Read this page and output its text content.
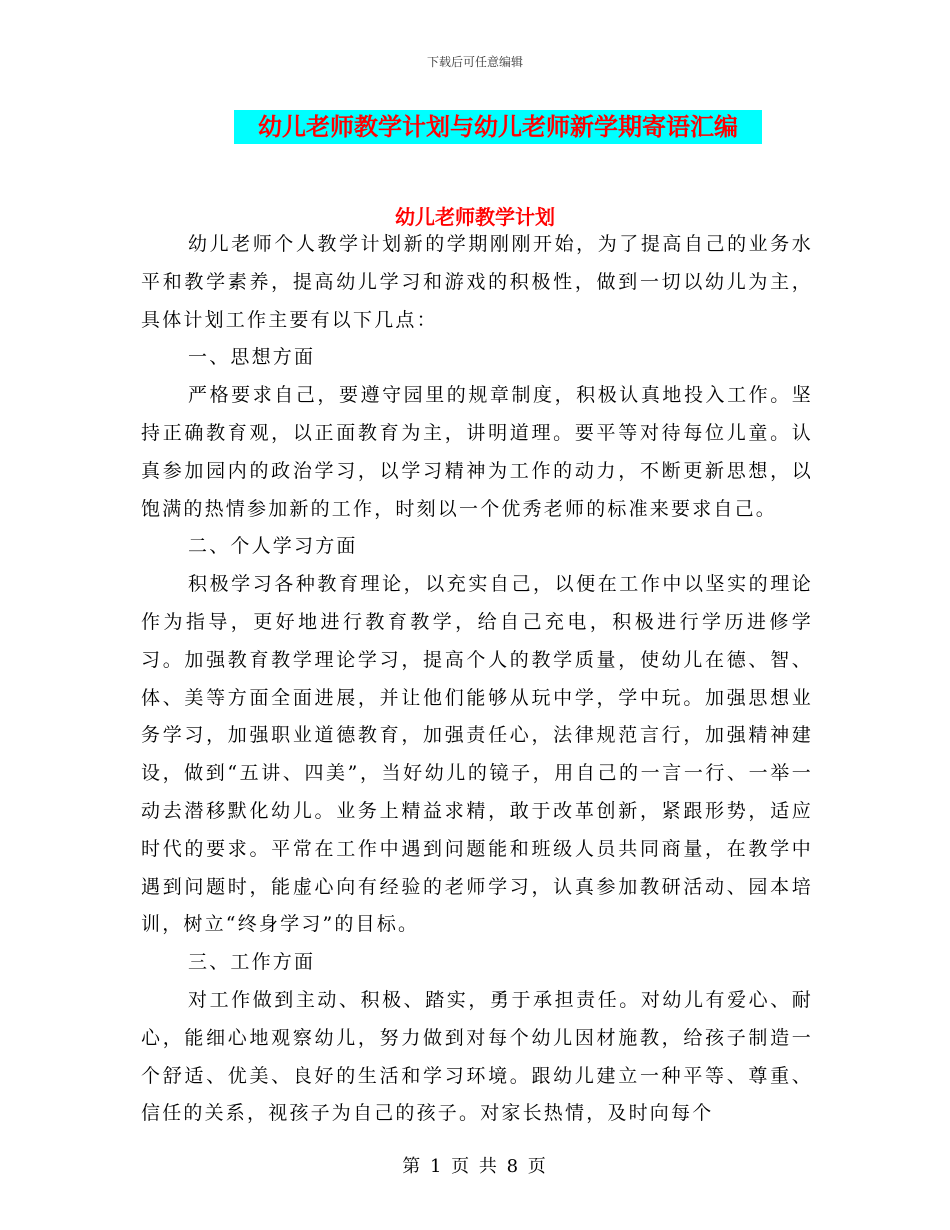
下载后可任意编辑
幼儿老师教学计划与幼儿老师新学期寄语汇编
幼儿老师教学计划

幼儿老师个人教学计划新的学期刚刚开始，为了提高自己的业务水平和教学素养，提高幼儿学习和游戏的积极性，做到一切以幼儿为主，具体计划工作主要有以下几点：

一、思想方面

严格要求自己，要遵守园里的规章制度，积极认真地投入工作。坚持正确教育观，以正面教育为主，讲明道理。要平等对待每位儿童。认真参加园内的政治学习，以学习精神为工作的动力，不断更新思想，以饱满的热情参加新的工作，时刻以一个优秀老师的标准来要求自己。

二、个人学习方面

积极学习各种教育理论，以充实自己，以便在工作中以坚实的理论作为指导，更好地进行教育教学，给自己充电，积极进行学历进修学习。加强教育教学理论学习，提高个人的教学质量，使幼儿在德、智、体、美等方面全面进展，并让他们能够从玩中学，学中玩。加强思想业务学习，加强职业道德教育，加强责任心，法律规范言行，加强精神建设，做到“五讲、四美”，当好幼儿的镜子，用自己的一言一行、一举一动去潜移默化幼儿。业务上精益求精，敢于改革创新，紧跟形势，适应时代的要求。平常在工作中遇到问题能和班级人员共同商量，在教学中遇到问题时，能虚心向有经验的老师学习，认真参加教研活动、园本培训，树立“终身学习”的目标。

三、工作方面

对工作做到主动、积极、踏实，勇于承担责任。对幼儿有爱心、耐心，能细心地观察幼儿，努力做到对每个幼儿因材施教，给孩子制造一个舒适、优美、良好的生活和学习环境。跟幼儿建立一种平等、尊重、信任的关系，视孩子为自己的孩子。对家长热情，及时向每个

第 1 页 共 8 页
